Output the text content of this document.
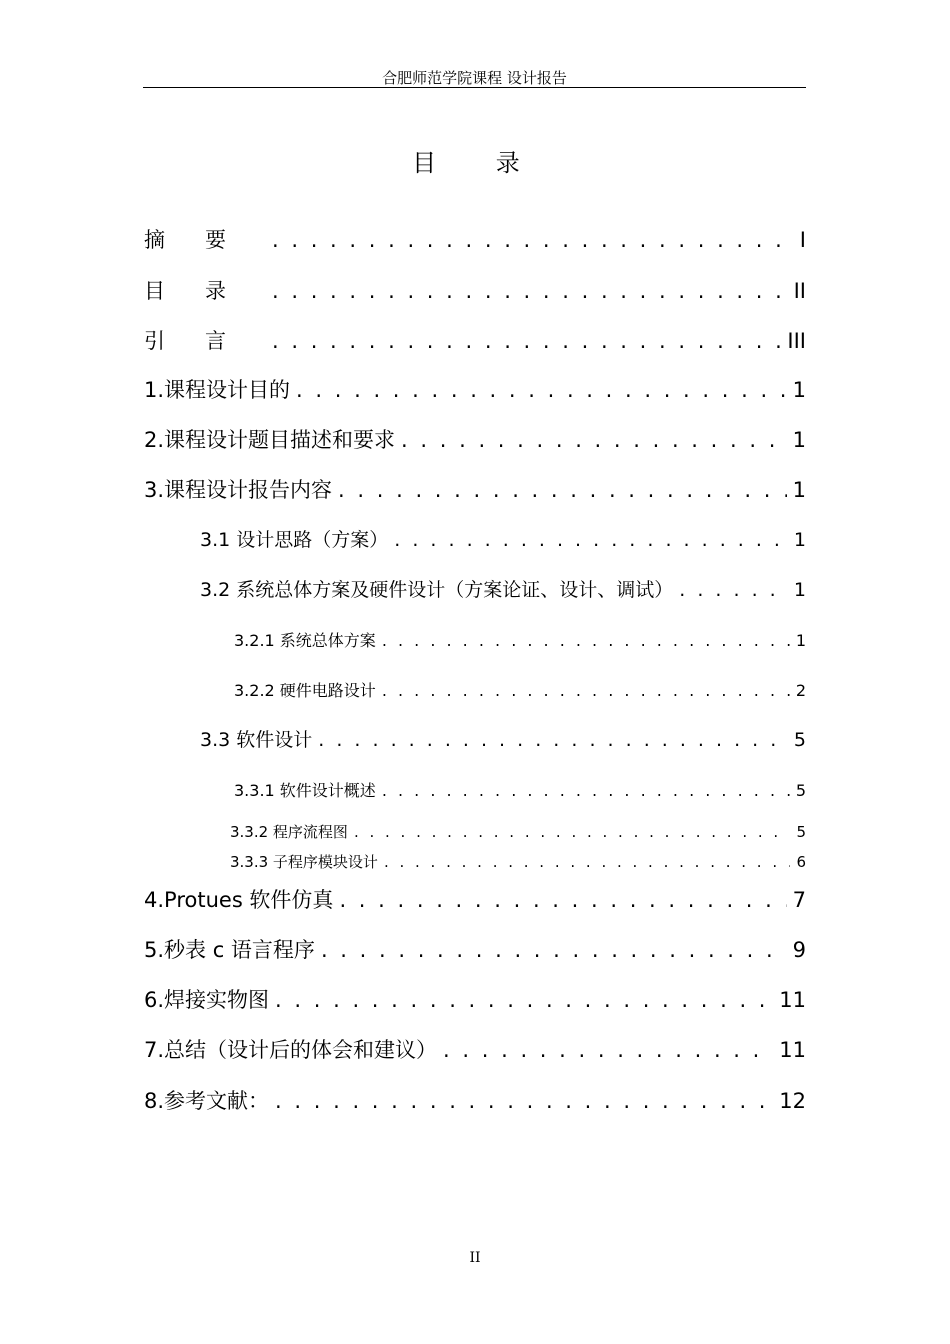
合肥师范学院课程 设计报告
目 录
摘要 . . .	I
目录 . . .	II
引言 . . .	III
1.课程设计目的 . . .	1
2.课程设计题目描述和要求 . . .	1
3.课程设计报告内容 . . .	1
3.1 设计思路（方案） . . .	1
3.2 系统总体方案及硬件设计（方案论证、设计、调试） . . .	1
3.2.1 系统总体方案 . . .	1
3.2.2 硬件电路设计 . . .	2
3.3 软件设计 . . .	5
3.3.1 软件设计概述 . . .	5
3.3.2 程序流程图 . . .	5
3.3.3 子程序模块设计 . . .	6
4.Protues 软件仿真 . . .	7
5.秒表 c 语言程序 . . .	9
6.焊接实物图 . . .	11
7.总结（设计后的体会和建议） . . .	11
8.参考文献： . . .	12
II
